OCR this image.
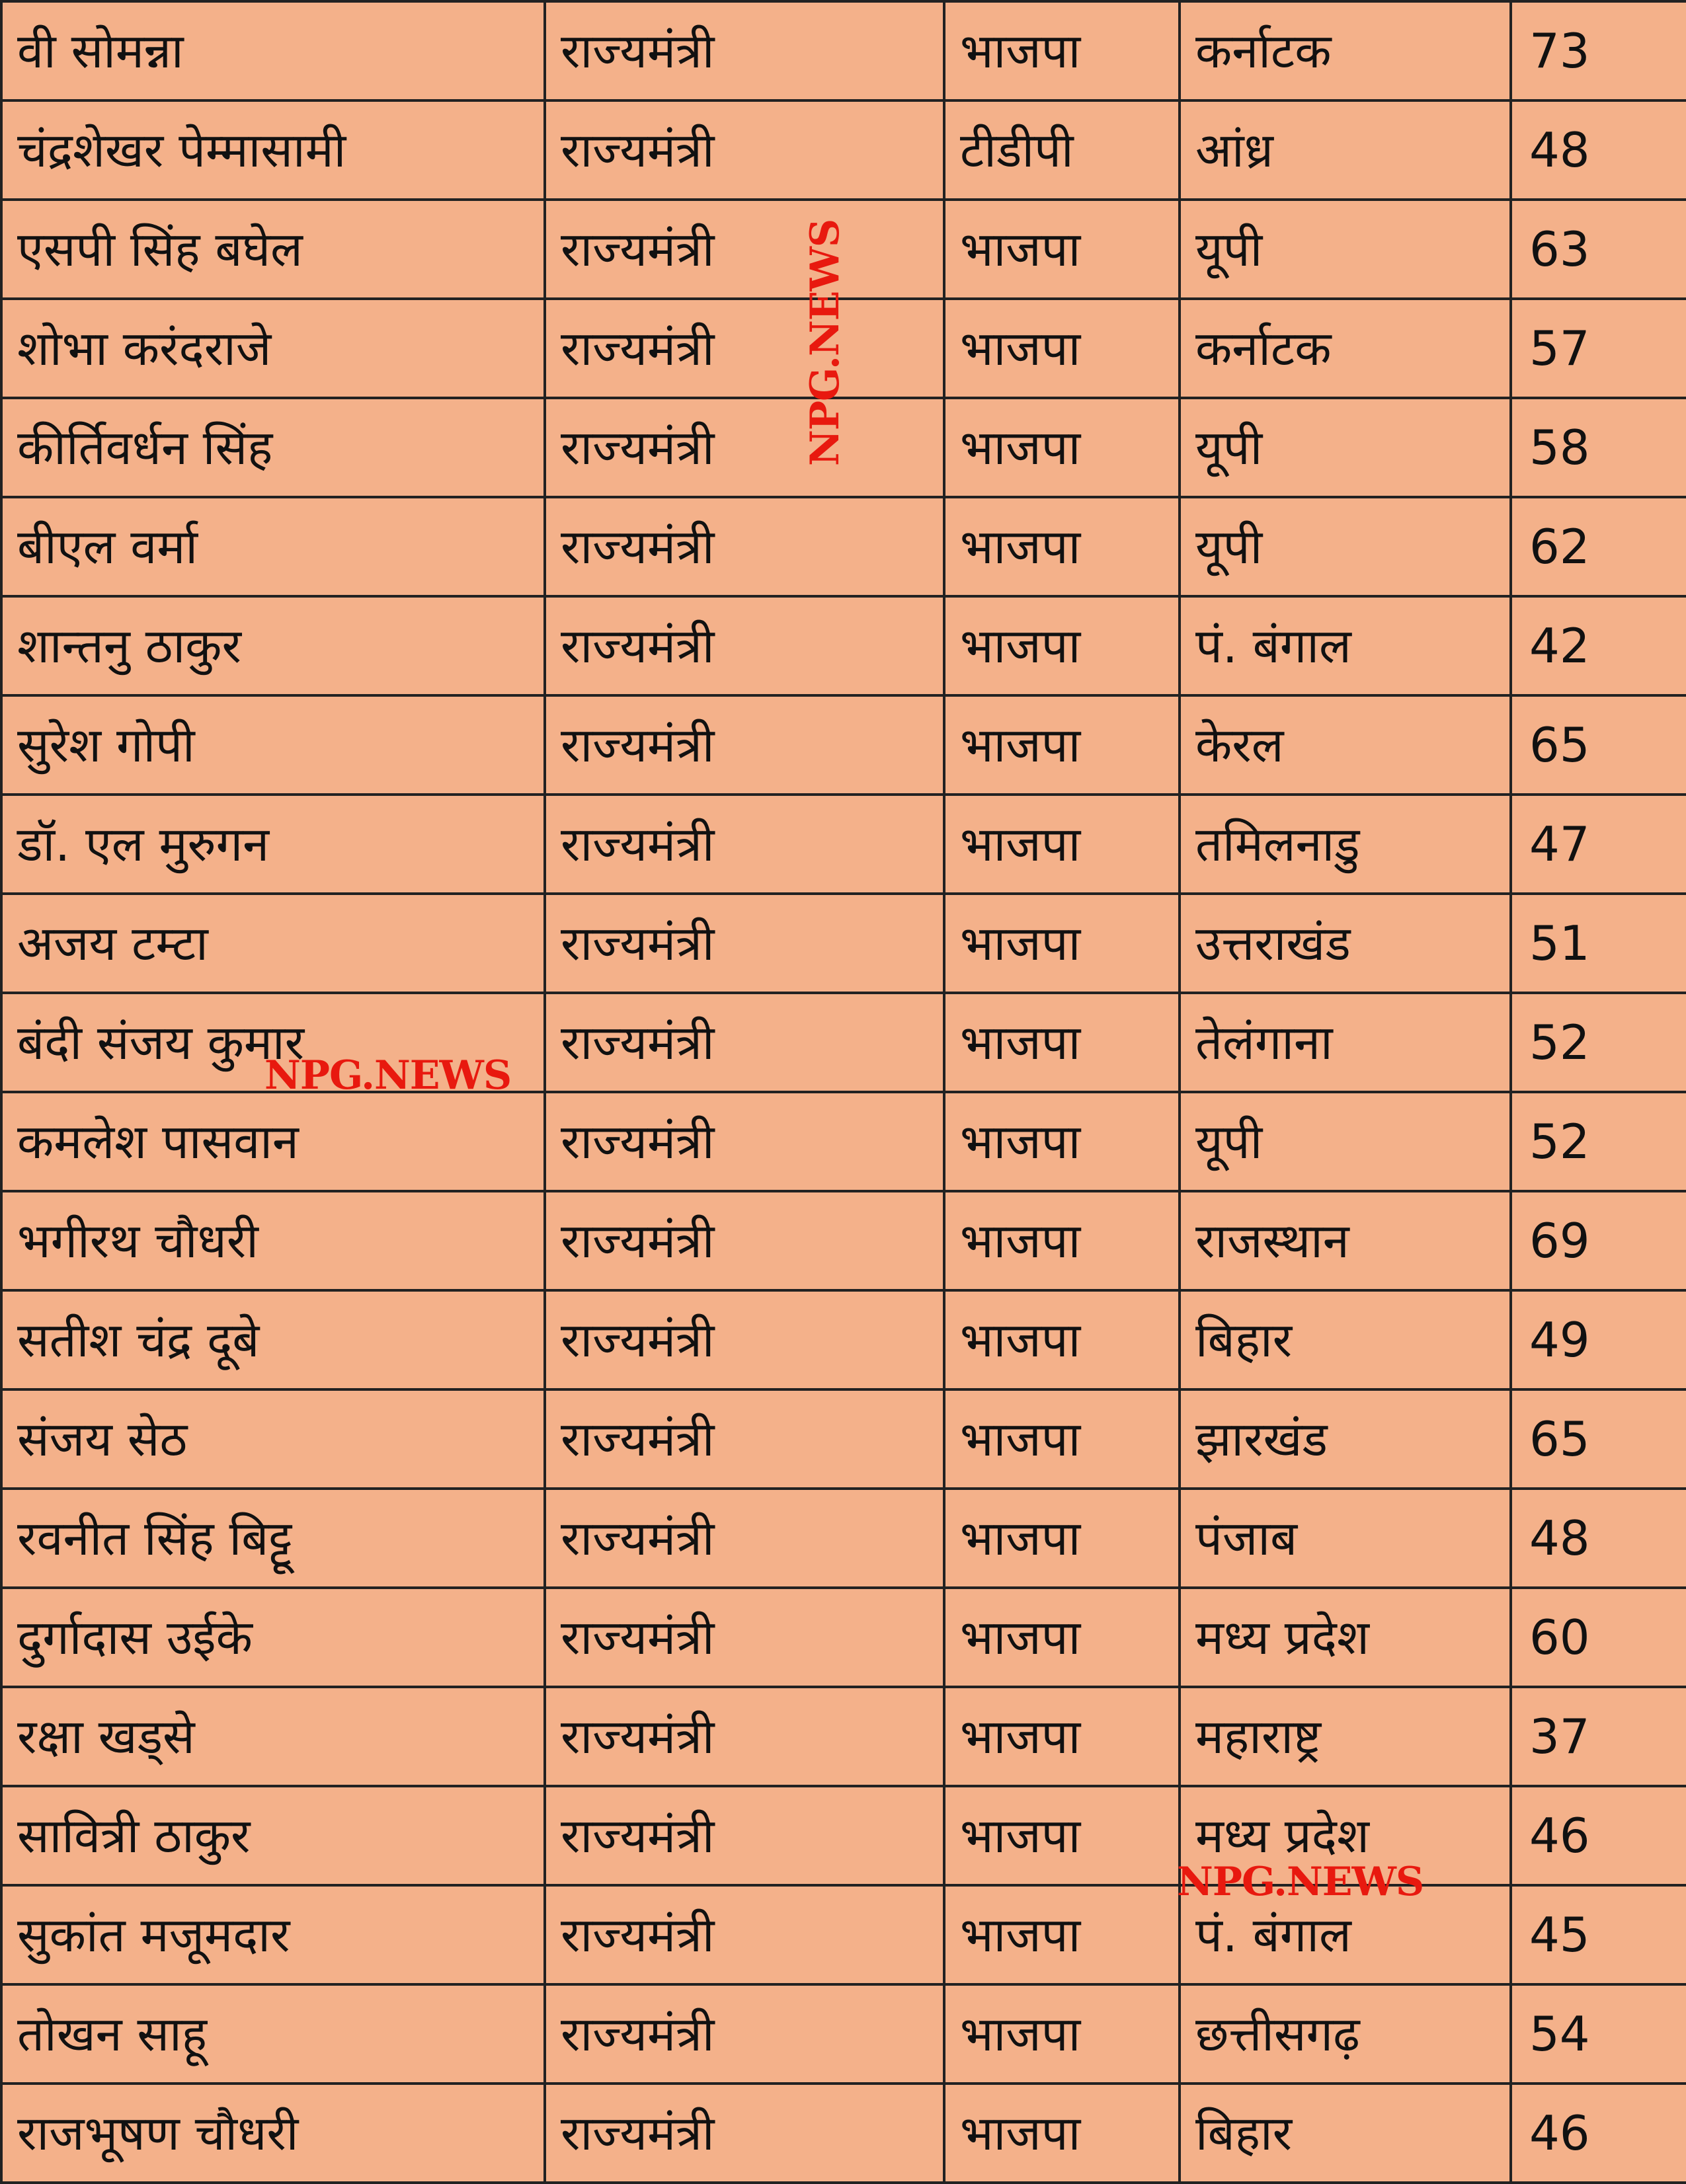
वी सोमन्ना	राज्यमंत्री	भाजपा	कर्नाटक	73
चंद्रशेखर पेम्मासामी	राज्यमंत्री	टीडीपी	आंध्र	48
एसपी सिंह बघेल	राज्यमंत्री	भाजपा	यूपी	63
शोभा करंदराजे	राज्यमंत्री	भाजपा	कर्नाटक	57
कीर्तिवर्धन सिंह	राज्यमंत्री	भाजपा	यूपी	58
बीएल वर्मा	राज्यमंत्री	भाजपा	यूपी	62
शान्तनु ठाकुर	राज्यमंत्री	भाजपा	पं. बंगाल	42
सुरेश गोपी	राज्यमंत्री	भाजपा	केरल	65
डॉ. एल मुरुगन	राज्यमंत्री	भाजपा	तमिलनाडु	47
अजय टम्टा	राज्यमंत्री	भाजपा	उत्तराखंड	51
बंदी संजय कुमार	राज्यमंत्री	भाजपा	तेलंगाना	52
कमलेश पासवान	राज्यमंत्री	भाजपा	यूपी	52
भगीरथ चौधरी	राज्यमंत्री	भाजपा	राजस्थान	69
सतीश चंद्र दूबे	राज्यमंत्री	भाजपा	बिहार	49
संजय सेठ	राज्यमंत्री	भाजपा	झारखंड	65
रवनीत सिंह बिट्टू	राज्यमंत्री	भाजपा	पंजाब	48
दुर्गादास उईके	राज्यमंत्री	भाजपा	मध्य प्रदेश	60
रक्षा खड्से	राज्यमंत्री	भाजपा	महाराष्ट्र	37
सावित्री ठाकुर	राज्यमंत्री	भाजपा	मध्य प्रदेश	46
सुकांत मजूमदार	राज्यमंत्री	भाजपा	पं. बंगाल	45
तोखन साहू	राज्यमंत्री	भाजपा	छत्तीसगढ़	54
राजभूषण चौधरी	राज्यमंत्री	भाजपा	बिहार	46
NPG.NEWS
NPG.NEWS
NPG.NEWS
